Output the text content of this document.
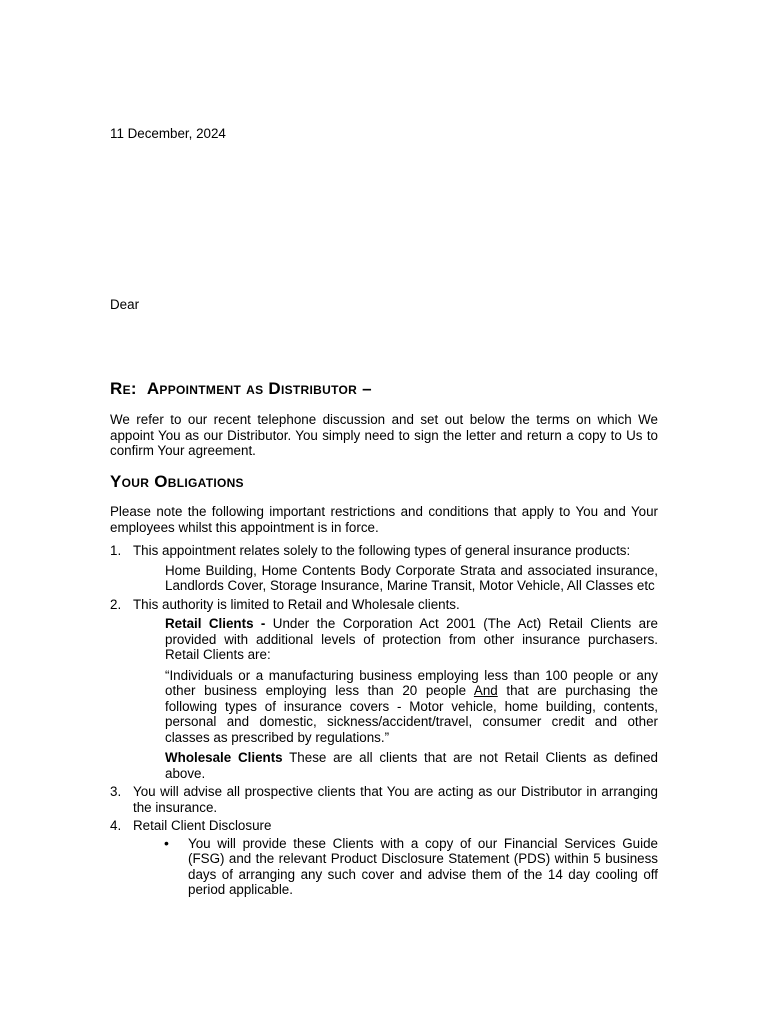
11 December, 2024
Dear
Re: Appointment as Distributor –
We refer to our recent telephone discussion and set out below the terms on which We appoint You as our Distributor. You simply need to sign the letter and return a copy to Us to confirm Your agreement.
Your Obligations
Please note the following important restrictions and conditions that apply to You and Your employees whilst this appointment is in force.
1. This appointment relates solely to the following types of general insurance products:
Home Building, Home Contents Body Corporate Strata and associated insurance, Landlords Cover, Storage Insurance, Marine Transit, Motor Vehicle, All Classes etc
2. This authority is limited to Retail and Wholesale clients.
Retail Clients - Under the Corporation Act 2001 (The Act) Retail Clients are provided with additional levels of protection from other insurance purchasers. Retail Clients are:
“Individuals or a manufacturing business employing less than 100 people or any other business employing less than 20 people And that are purchasing the following types of insurance covers - Motor vehicle, home building, contents, personal and domestic, sickness/accident/travel, consumer credit and other classes as prescribed by regulations.”
Wholesale Clients These are all clients that are not Retail Clients as defined above.
3. You will advise all prospective clients that You are acting as our Distributor in arranging the insurance.
4. Retail Client Disclosure
• You will provide these Clients with a copy of our Financial Services Guide (FSG) and the relevant Product Disclosure Statement (PDS) within 5 business days of arranging any such cover and advise them of the 14 day cooling off period applicable.
